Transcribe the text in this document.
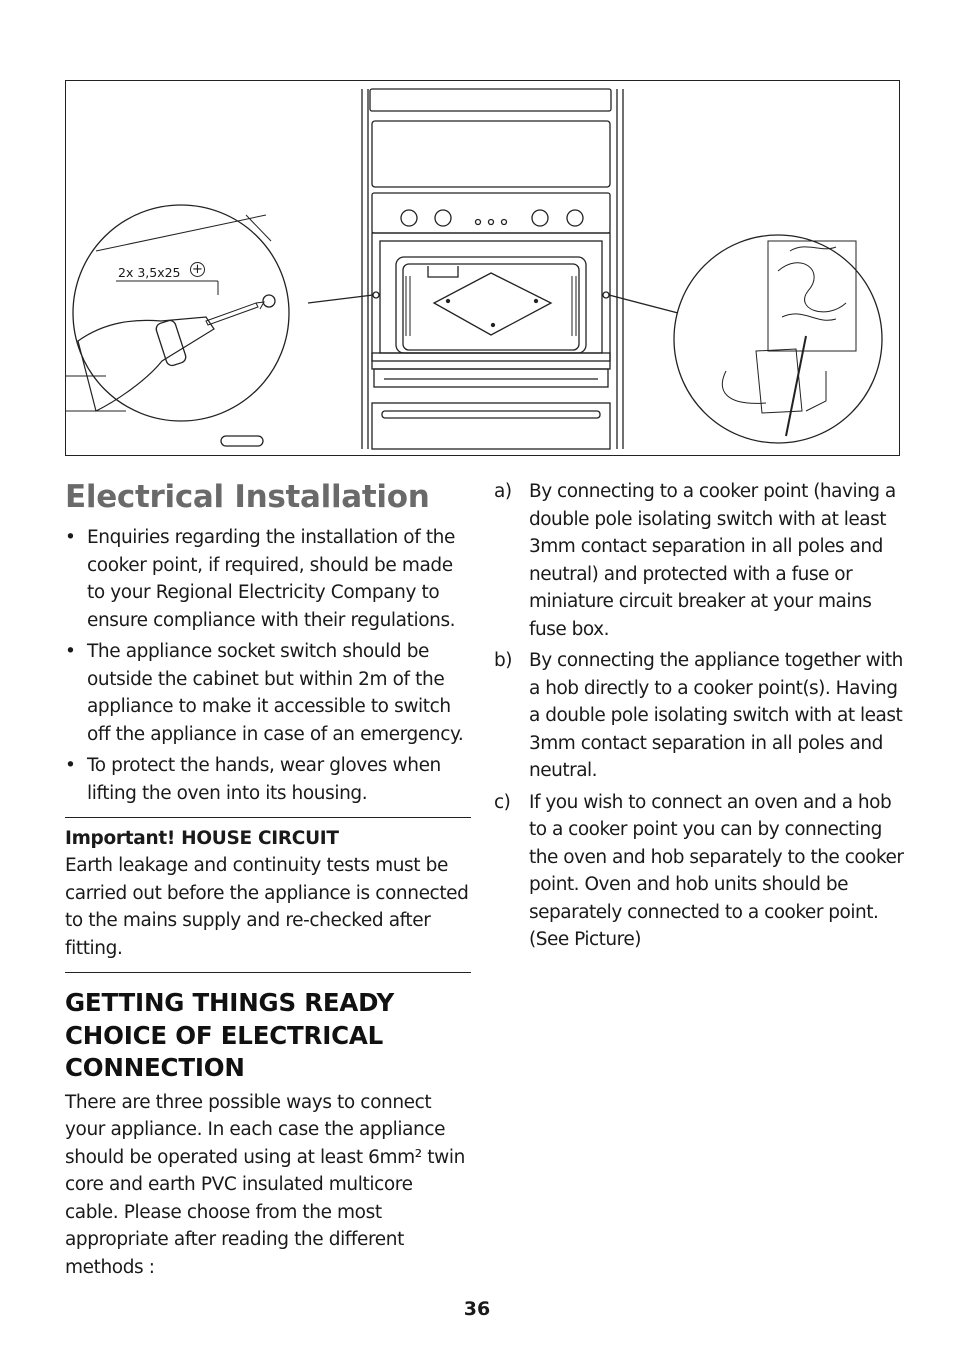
2x 3,5x25 +
Electrical Installation
• Enquiries regarding the installation of the cooker point, if required, should be made to your Regional Electricity Company to ensure compliance with their regulations.
• The appliance socket switch should be outside the cabinet but within 2m of the appliance to make it accessible to switch off the appliance in case of an emergency.
• To protect the hands, wear gloves when lifting the oven into its housing.
Important! HOUSE CIRCUIT

Earth leakage and continuity tests must be carried out before the appliance is connected to the mains supply and re-checked after fitting.

GETTING THINGS READY CHOICE OF ELECTRICAL CONNECTION

There are three possible ways to connect your appliance. In each case the appliance should be operated using at least 6mm² twin core and earth PVC insulated multicore cable. Please choose from the most appropriate after reading the different methods :

a) By connecting to a cooker point (having a double pole isolating switch with at least 3mm contact separation in all poles and neutral) and protected with a fuse or miniature circuit breaker at your mains fuse box.
b) By connecting the appliance together with a hob directly to a cooker point(s). Having a double pole isolating switch with at least 3mm contact separation in all poles and neutral.
c) If you wish to connect an oven and a hob to a cooker point you can by connecting the oven and hob separately to the cooker point. Oven and hob units should be separately connected to a cooker point. (See Picture)
36
